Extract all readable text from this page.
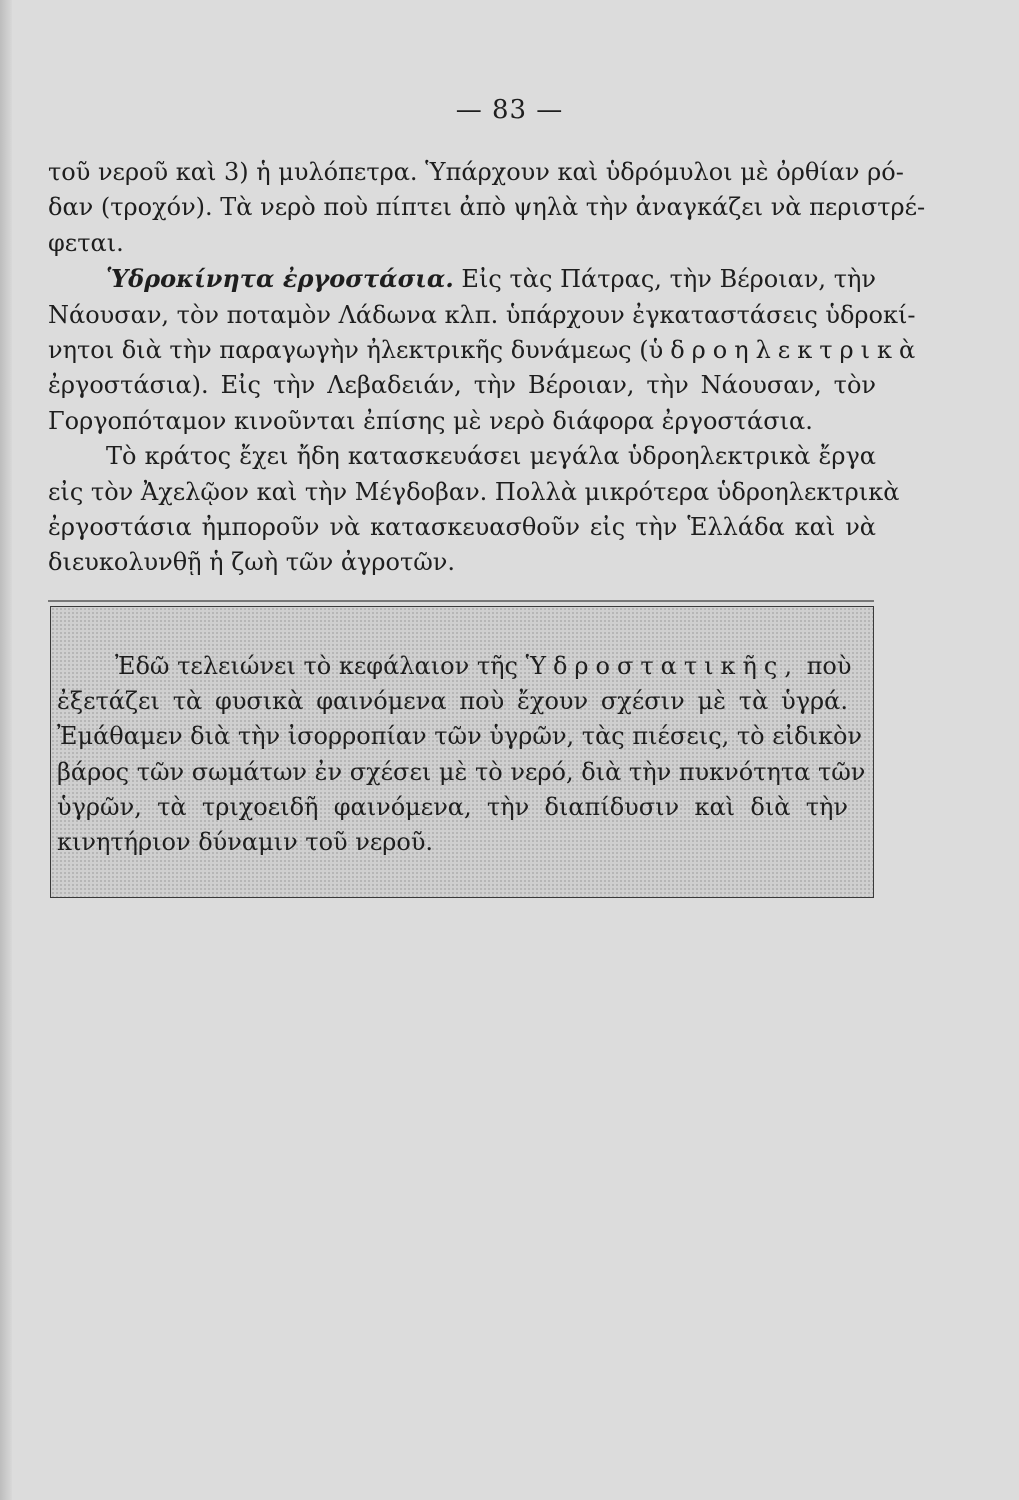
— 83 —
τοῦ νεροῦ καὶ 3) ἡ μυλόπετρα. Ὑπάρχουν καὶ ὑδρόμυλοι μὲ ὀρθίαν ρό-
δαν (τροχόν). Τὰ νερὸ ποὺ πίπτει ἀπὸ ψηλὰ τὴν ἀναγκάζει νὰ περιστρέ-
φεται.
Ὑδροκίνητα ἐργοστάσια. Εἰς τὰς Πάτρας, τὴν Βέροιαν, τὴν
Νάουσαν, τὸν ποταμὸν Λάδωνα κλπ. ὑπάρχουν ἐγκαταστάσεις ὑδροκί-
νητοι διὰ τὴν παραγωγὴν ἠλεκτρικῆς δυνάμεως (ὑδροηλεκτρικὰ
ἐργοστάσια). Εἰς τὴν Λεβαδειάν, τὴν Βέροιαν, τὴν Νάουσαν, τὸν
Γοργοπόταμον κινοῦνται ἐπίσης μὲ νερὸ διάφορα ἐργοστάσια.
Τὸ κράτος ἔχει ἤδη κατασκευάσει μεγάλα ὑδροηλεκτρικὰ ἔργα
εἰς τὸν Ἀχελῷον καὶ τὴν Μέγδοβαν. Πολλὰ μικρότερα ὑδροηλεκτρικὰ
ἐργοστάσια ἠμποροῦν νὰ κατασκευασθοῦν εἰς τὴν Ἑλλάδα καὶ νὰ
διευκολυνθῇ ἡ ζωὴ τῶν ἀγροτῶν.
Ἐδῶ τελειώνει τὸ κεφάλαιον τῆς Ὑδροστατικῆς, ποὺ
ἐξετάζει τὰ φυσικὰ φαινόμενα ποὺ ἔχουν σχέσιν μὲ τὰ ὑγρά.
Ἐμάθαμεν διὰ τὴν ἰσορροπίαν τῶν ὑγρῶν, τὰς πιέσεις, τὸ εἰδικὸν
βάρος τῶν σωμάτων ἐν σχέσει μὲ τὸ νερό, διὰ τὴν πυκνότητα τῶν
ὑγρῶν, τὰ τριχοειδῆ φαινόμενα, τὴν διαπίδυσιν καὶ διὰ τὴν
κινητήριον δύναμιν τοῦ νεροῦ.
